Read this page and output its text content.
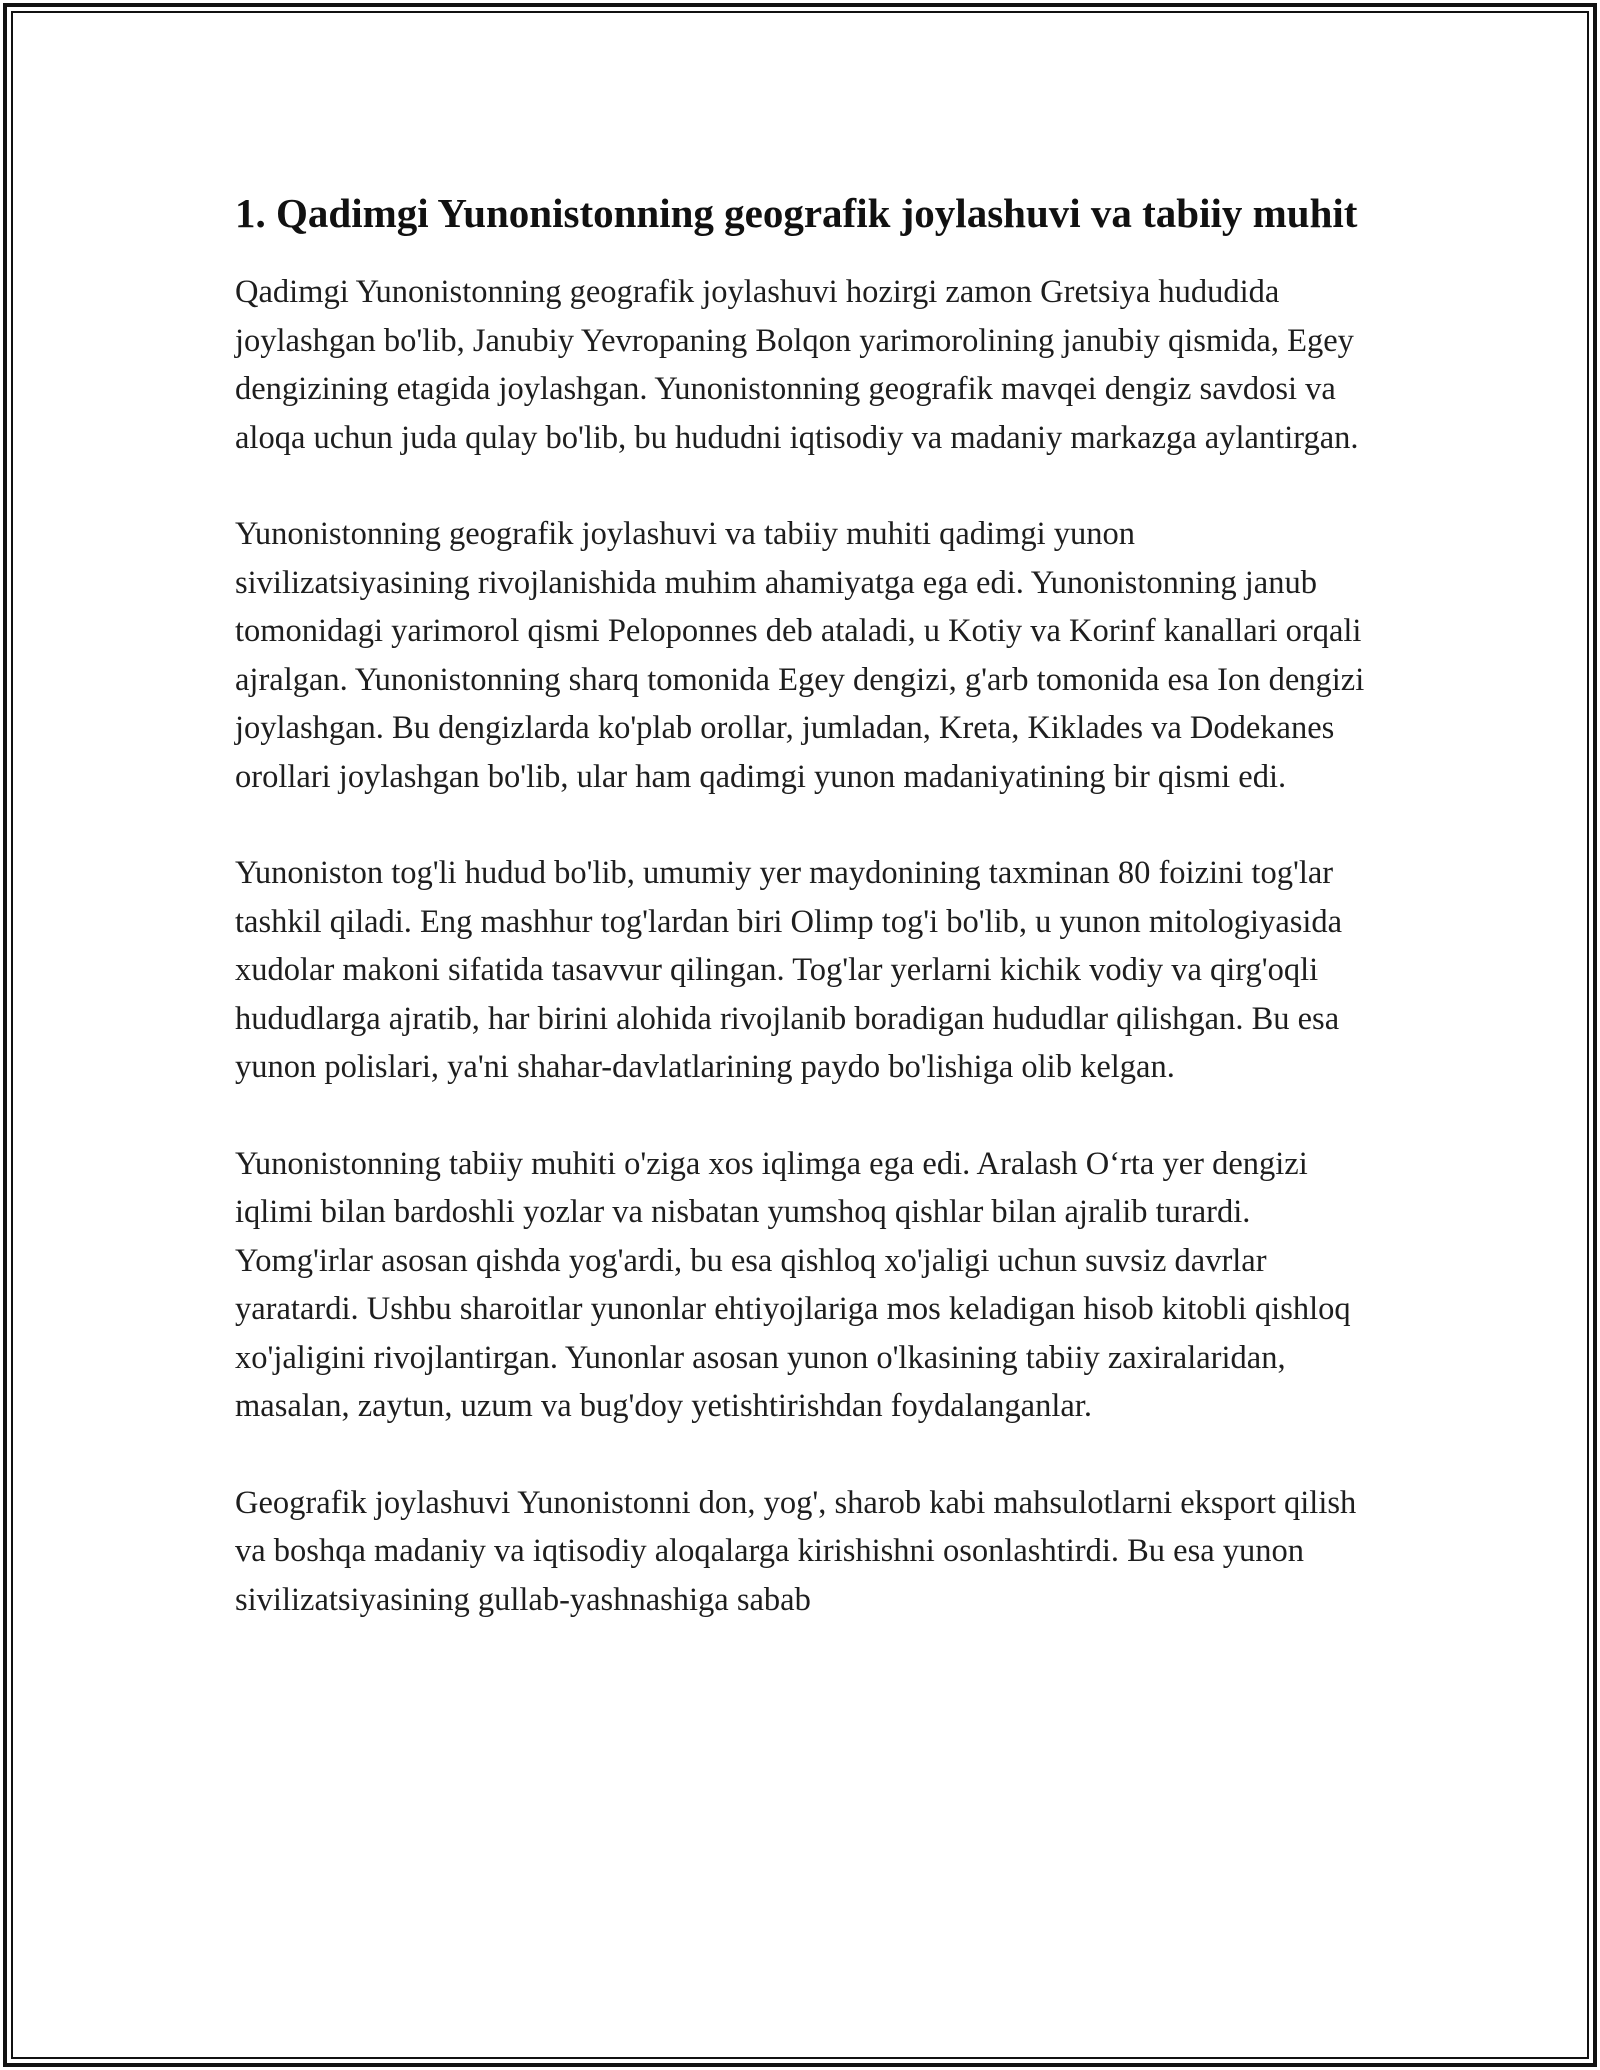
1. Qadimgi Yunonistonning geografik joylashuvi va tabiiy muhit

Qadimgi Yunonistonning geografik joylashuvi hozirgi zamon Gretsiya hududida joylashgan bo'lib, Janubiy Yevropaning Bolqon yarimorolining janubiy qismida, Egey dengizining etagida joylashgan. Yunonistonning geografik mavqei dengiz savdosi va aloqa uchun juda qulay bo'lib, bu hududni iqtisodiy va madaniy markazga aylantirgan.

Yunonistonning geografik joylashuvi va tabiiy muhiti qadimgi yunon sivilizatsiyasining rivojlanishida muhim ahamiyatga ega edi. Yunonistonning janub tomonidagi yarimorol qismi Peloponnes deb ataladi, u Kotiy va Korinf kanallari orqali ajralgan. Yunonistonning sharq tomonida Egey dengizi, g'arb tomonida esa Ion dengizi joylashgan. Bu dengizlarda ko'plab orollar, jumladan, Kreta, Kiklades va Dodekanes orollari joylashgan bo'lib, ular ham qadimgi yunon madaniyatining bir qismi edi.

Yunoniston tog'li hudud bo'lib, umumiy yer maydonining taxminan 80 foizini tog'lar tashkil qiladi. Eng mashhur tog'lardan biri Olimp tog'i bo'lib, u yunon mitologiyasida xudolar makoni sifatida tasavvur qilingan. Tog'lar yerlarni kichik vodiy va qirg'oqli hududlarga ajratib, har birini alohida rivojlanib boradigan hududlar qilishgan. Bu esa yunon polislari, ya'ni shahar-davlatlarining paydo bo'lishiga olib kelgan.

Yunonistonning tabiiy muhiti o'ziga xos iqlimga ega edi. Aralash O‘rta yer dengizi iqlimi bilan bardoshli yozlar va nisbatan yumshoq qishlar bilan ajralib turardi. Yomg'irlar asosan qishda yog'ardi, bu esa qishloq xo'jaligi uchun suvsiz davrlar yaratardi. Ushbu sharoitlar yunonlar ehtiyojlariga mos keladigan hisob kitobli qishloq xo'jaligini rivojlantirgan. Yunonlar asosan yunon o'lkasining tabiiy zaxiralaridan, masalan, zaytun, uzum va bug'doy yetishtirishdan foydalanganlar.

Geografik joylashuvi Yunonistonni don, yog', sharob kabi mahsulotlarni eksport qilish va boshqa madaniy va iqtisodiy aloqalarga kirishishni osonlashtirdi. Bu esa yunon sivilizatsiyasining gullab-yashnashiga sabab
